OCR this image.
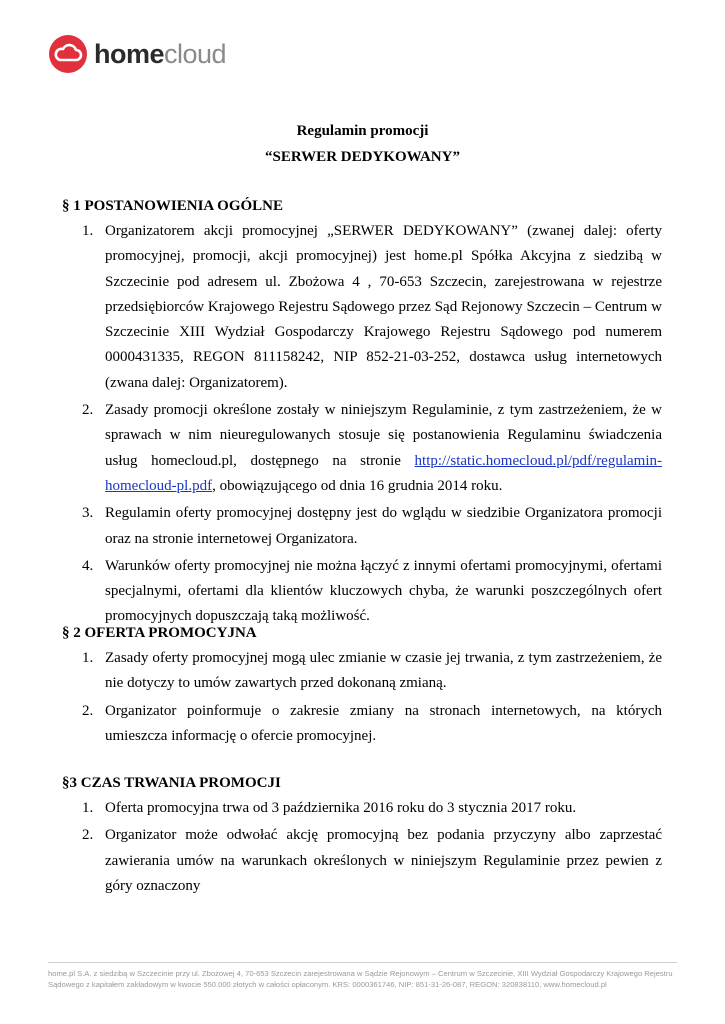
homecloud
Regulamin promocji
“SERWER DEDYKOWANY”
§ 1 POSTANOWIENIA OGÓLNE
1. Organizatorem akcji promocyjnej „SERWER DEDYKOWANY” (zwanej dalej: oferty promocyjnej, promocji, akcji promocyjnej) jest home.pl Spółka Akcyjna z siedzibą w Szczecinie pod adresem ul. Zbożowa 4 , 70-653 Szczecin, zarejestrowana w rejestrze przedsiębiorców Krajowego Rejestru Sądowego przez Sąd Rejonowy Szczecin – Centrum w Szczecinie XIII Wydział Gospodarczy Krajowego Rejestru Sądowego pod numerem 0000431335, REGON 811158242, NIP 852-21-03-252, dostawca usług internetowych (zwana dalej: Organizatorem).
2. Zasady promocji określone zostały w niniejszym Regulaminie, z tym zastrzeżeniem, że w sprawach w nim nieuregulowanych stosuje się postanowienia Regulaminu świadczenia usług homecloud.pl, dostępnego na stronie http://static.homecloud.pl/pdf/regulamin-homecloud-pl.pdf, obowiązującego od dnia 16 grudnia 2014 roku.
3. Regulamin oferty promocyjnej dostępny jest do wglądu w siedzibie Organizatora promocji oraz na stronie internetowej Organizatora.
4. Warunków oferty promocyjnej nie można łączyć z innymi ofertami promocyjnymi, ofertami specjalnymi, ofertami dla klientów kluczowych chyba, że warunki poszczególnych ofert promocyjnych dopuszczają taką możliwość.
§ 2 OFERTA PROMOCYJNA
1. Zasady oferty promocyjnej mogą ulec zmianie w czasie jej trwania, z tym zastrzeżeniem, że nie dotyczy to umów zawartych przed dokonaną zmianą.
2. Organizator poinformuje o zakresie zmiany na stronach internetowych, na których umieszcza informację o ofercie promocyjnej.
§3 CZAS TRWANIA PROMOCJI
1. Oferta promocyjna trwa od 3 października 2016 roku do 3 stycznia 2017 roku.
2. Organizator może odwołać akcję promocyjną bez podania przyczyny albo zaprzestać zawierania umów na warunkach określonych w niniejszym Regulaminie przez pewien z góry oznaczony
home.pl S.A. z siedzibą w Szczecinie przy ul. Zbożowej 4, 70-653 Szczecin zarejestrowana w Sądzie Rejonowym – Centrum w Szczecinie, XIII Wydział Gospodarczy Krajowego Rejestru
Sądowego z kapitałem zakładowym w kwocie 550.000 złotych w całości opłaconym. KRS: 0000361746, NIP: 851-31-26-087, REGON: 320838110, www.homecloud.pl
